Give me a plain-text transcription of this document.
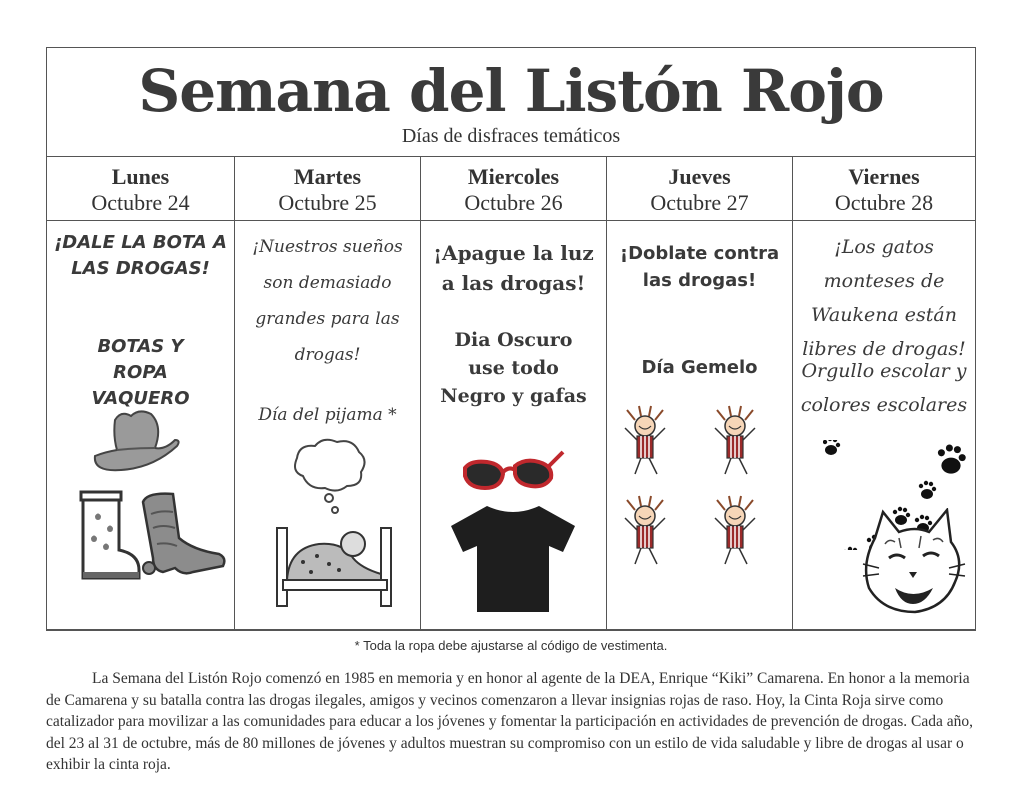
Semana del Listón Rojo
Días de disfraces temáticos
Lunes
Octubre 24
¡DALE LA BOTA A LAS DROGAS!
BOTAS Y ROPA VAQUERO
Martes
Octubre 25
¡Nuestros sueños son demasiado grandes para las drogas!
Día del pijama *
Miercoles
Octubre 26
¡Apague la luz a las drogas!
Dia Oscuro use todo Negro y gafas
Jueves
Octubre 27
¡Doblate contra las drogas!
Día Gemelo
Viernes
Octubre 28
¡Los gatos monteses de Waukena están libres de drogas!
Orgullo escolar y colores escolares
* Toda la ropa debe ajustarse al código de vestimenta.

La Semana del Listón Rojo comenzó en 1985 en memoria y en honor al agente de la DEA, Enrique “Kiki” Camarena. En honor a la memoria de Camarena y su batalla contra las drogas ilegales, amigos y vecinos comenzaron a llevar insignias rojas de raso. Hoy, la Cinta Roja sirve como catalizador para movilizar a las comunidades para educar a los jóvenes y fomentar la participación en actividades de prevención de drogas. Cada año, del 23 al 31 de octubre, más de 80 millones de jóvenes y adultos muestran su compromiso con un estilo de vida saludable y libre de drogas al usar o exhibir la cinta roja.
